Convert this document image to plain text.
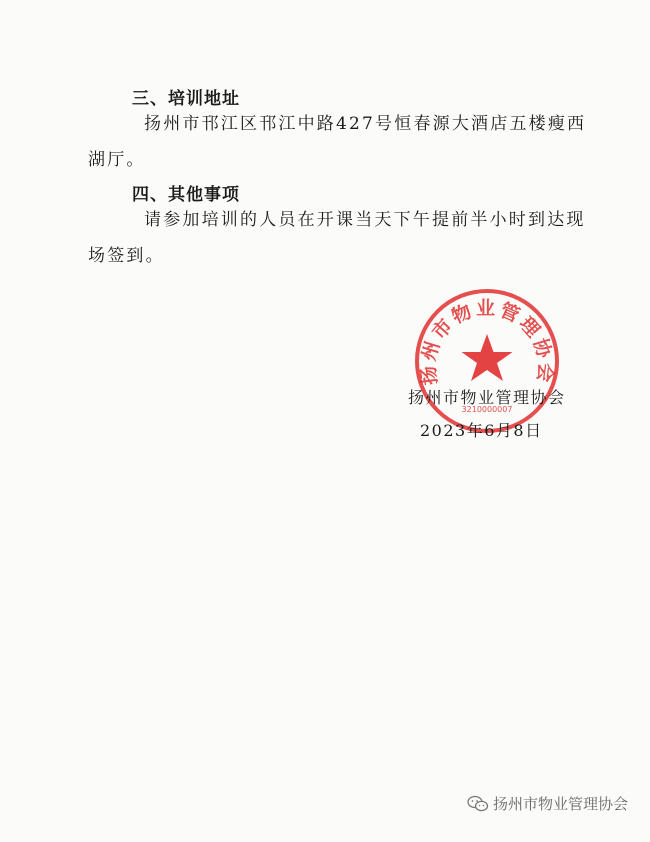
三、培训地址
扬州市邗江区邗江中路427号恒春源大酒店五楼瘦西
湖厅。
四、其他事项
请参加培训的人员在开课当天下午提前半小时到达现
场签到。
扬州市物业管理协会
3210000007
扬州市物业管理协会
2023年6月8日
扬州市物业管理协会
